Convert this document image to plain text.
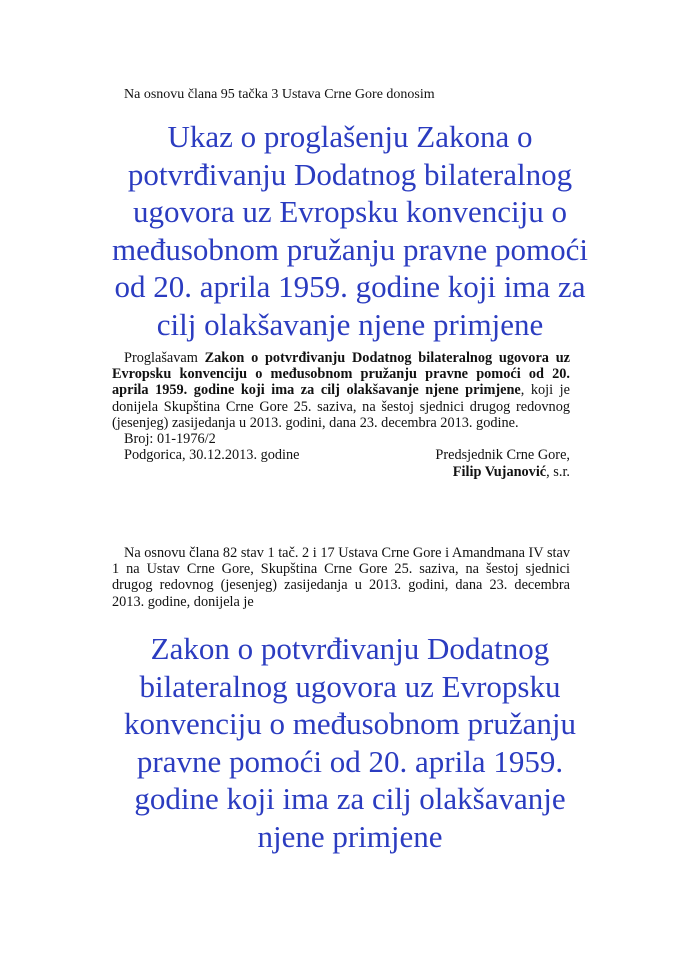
Na osnovu člana 95 tačka 3 Ustava Crne Gore donosim
Ukaz o proglašenju Zakona o
potvrđivanju Dodatnog bilateralnog
ugovora uz Evropsku konvenciju o
međusobnom pružanju pravne pomoći
od 20. aprila 1959. godine koji ima za
cilj olakšavanje njene primjene
Proglašavam Zakon o potvrđivanju Dodatnog bilateralnog ugovora uz Evropsku konvenciju o međusobnom pružanju pravne pomoći od 20. aprila 1959. godine koji ima za cilj olakšavanje njene primjene, koji je donijela Skupština Crne Gore 25. saziva, na šestoj sjednici drugog redovnog (jesenjeg) zasijedanja u 2013. godini, dana 23. decembra 2013. godine.
Broj: 01-1976/2
Podgorica, 30.12.2013. godine	Predsjednik Crne Gore,
Filip Vujanović, s.r.
Na osnovu člana 82 stav 1 tač. 2 i 17 Ustava Crne Gore i Amandmana IV stav 1 na Ustav Crne Gore, Skupština Crne Gore 25. saziva, na šestoj sjednici drugog redovnog (jesenjeg) zasijedanja u 2013. godini, dana 23. decembra 2013. godine, donijela je
Zakon o potvrđivanju Dodatnog
bilateralnog ugovora uz Evropsku
konvenciju o međusobnom pružanju
pravne pomoći od 20. aprila 1959.
godine koji ima za cilj olakšavanje
njene primjene
